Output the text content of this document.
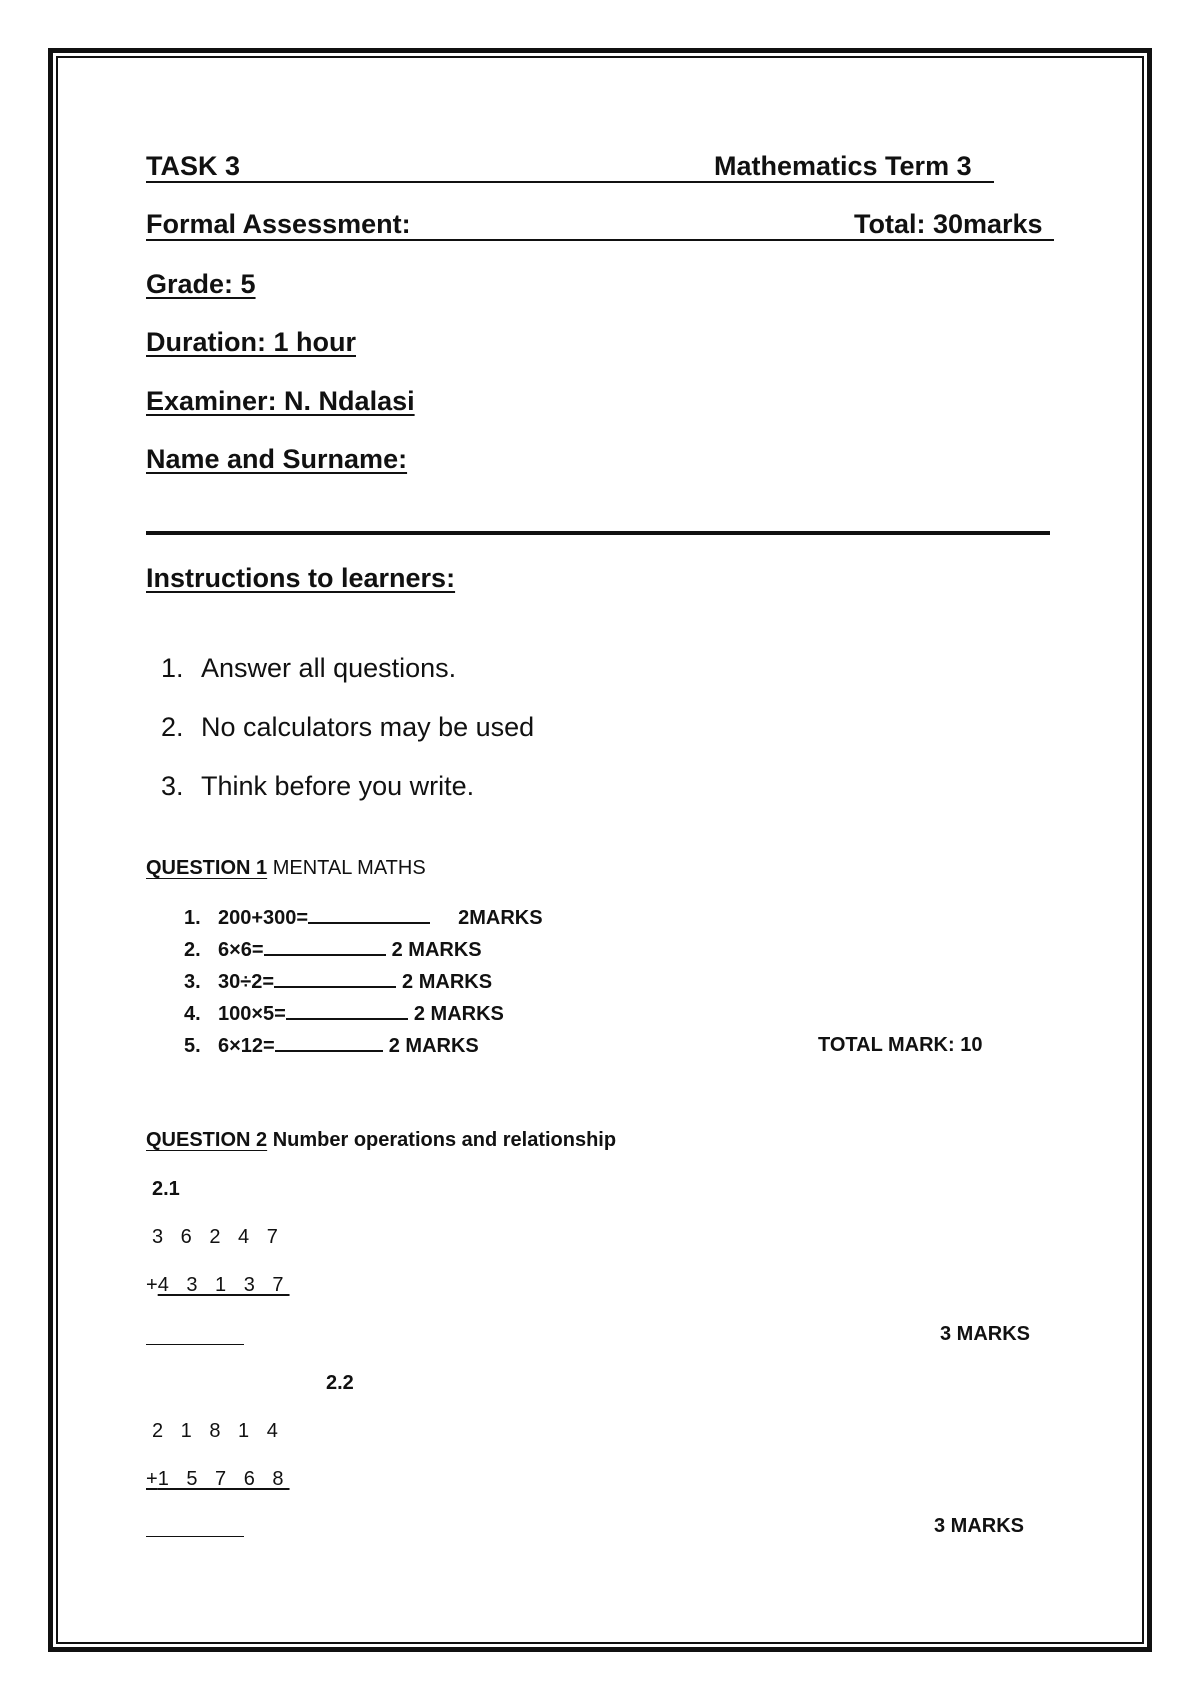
TASK 3	Mathematics Term 3
Formal Assessment:	Total: 30marks
Grade: 5
Duration: 1 hour
Examiner: N. Ndalasi
Name and Surname:
Instructions to learners:

1. Answer all questions.

2. No calculators may be used

3. Think before you write.

QUESTION 1 MENTAL MATHS
1. 200+300=	2MARKS
2. 6×6=	2 MARKS
3. 30÷2=	2 MARKS
4. 100×5=	2 MARKS
5. 6×12=	2 MARKS	TOTAL MARK: 10
QUESTION 2 Number operations and relationship
2.1
3 6 2 4 7
+4 3 1 3 7
3 MARKS
2.2
2 1 8 1 4
+1 5 7 6 8
3 MARKS
